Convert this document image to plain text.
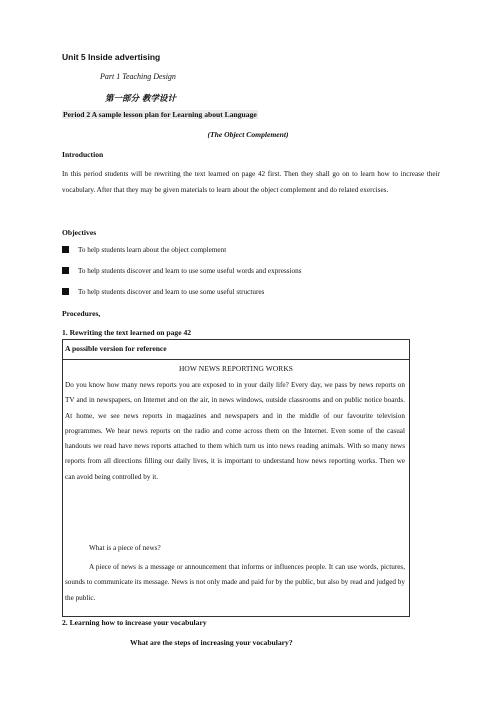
Unit 5 Inside advertising
Part 1 Teaching Design
第一部分 教学设计
Period 2 A sample lesson plan for Learning about Language
(The Object Complement)
Introduction
In this period students will be rewriting the text learned on page 42 first. Then they shall go on to learn how to increase their vocabulary. After that they may be given materials to learn about the object complement and do related exercises.
Objectives
To help students learn about the object complement
To help students discover and learn to use some useful words and expressions
To help students discover and learn to use some useful structures
Procedures,
1. Rewriting the text learned on page 42
A possible version for reference
HOW NEWS REPORTING WORKS
Do you know how many news reports you are exposed to in your daily life? Every day, we pass by news reports on TV and in newspapers, on Internet and on the air, in news windows, outside classrooms and on public notice boards. At home, we see news reports in magazines and newspapers and in the middle of our favourite television programmes. We hear news reports on the radio and come across them on the Internet. Even some of the casual handouts we read have news reports attached to them which turn us into news reading animals. With so many news reports from all directions filling our daily lives, it is important to understand how news reporting works. Then we can avoid being controlled by it.
What is a piece of news?
A piece of news is a message or announcement that informs or influences people. It can use words, pictures, sounds to communicate its message. News is not only made and paid for by the public, but also by read and judged by the public.
2. Learning how to increase your vocabulary
What are the steps of increasing your vocabulary?
